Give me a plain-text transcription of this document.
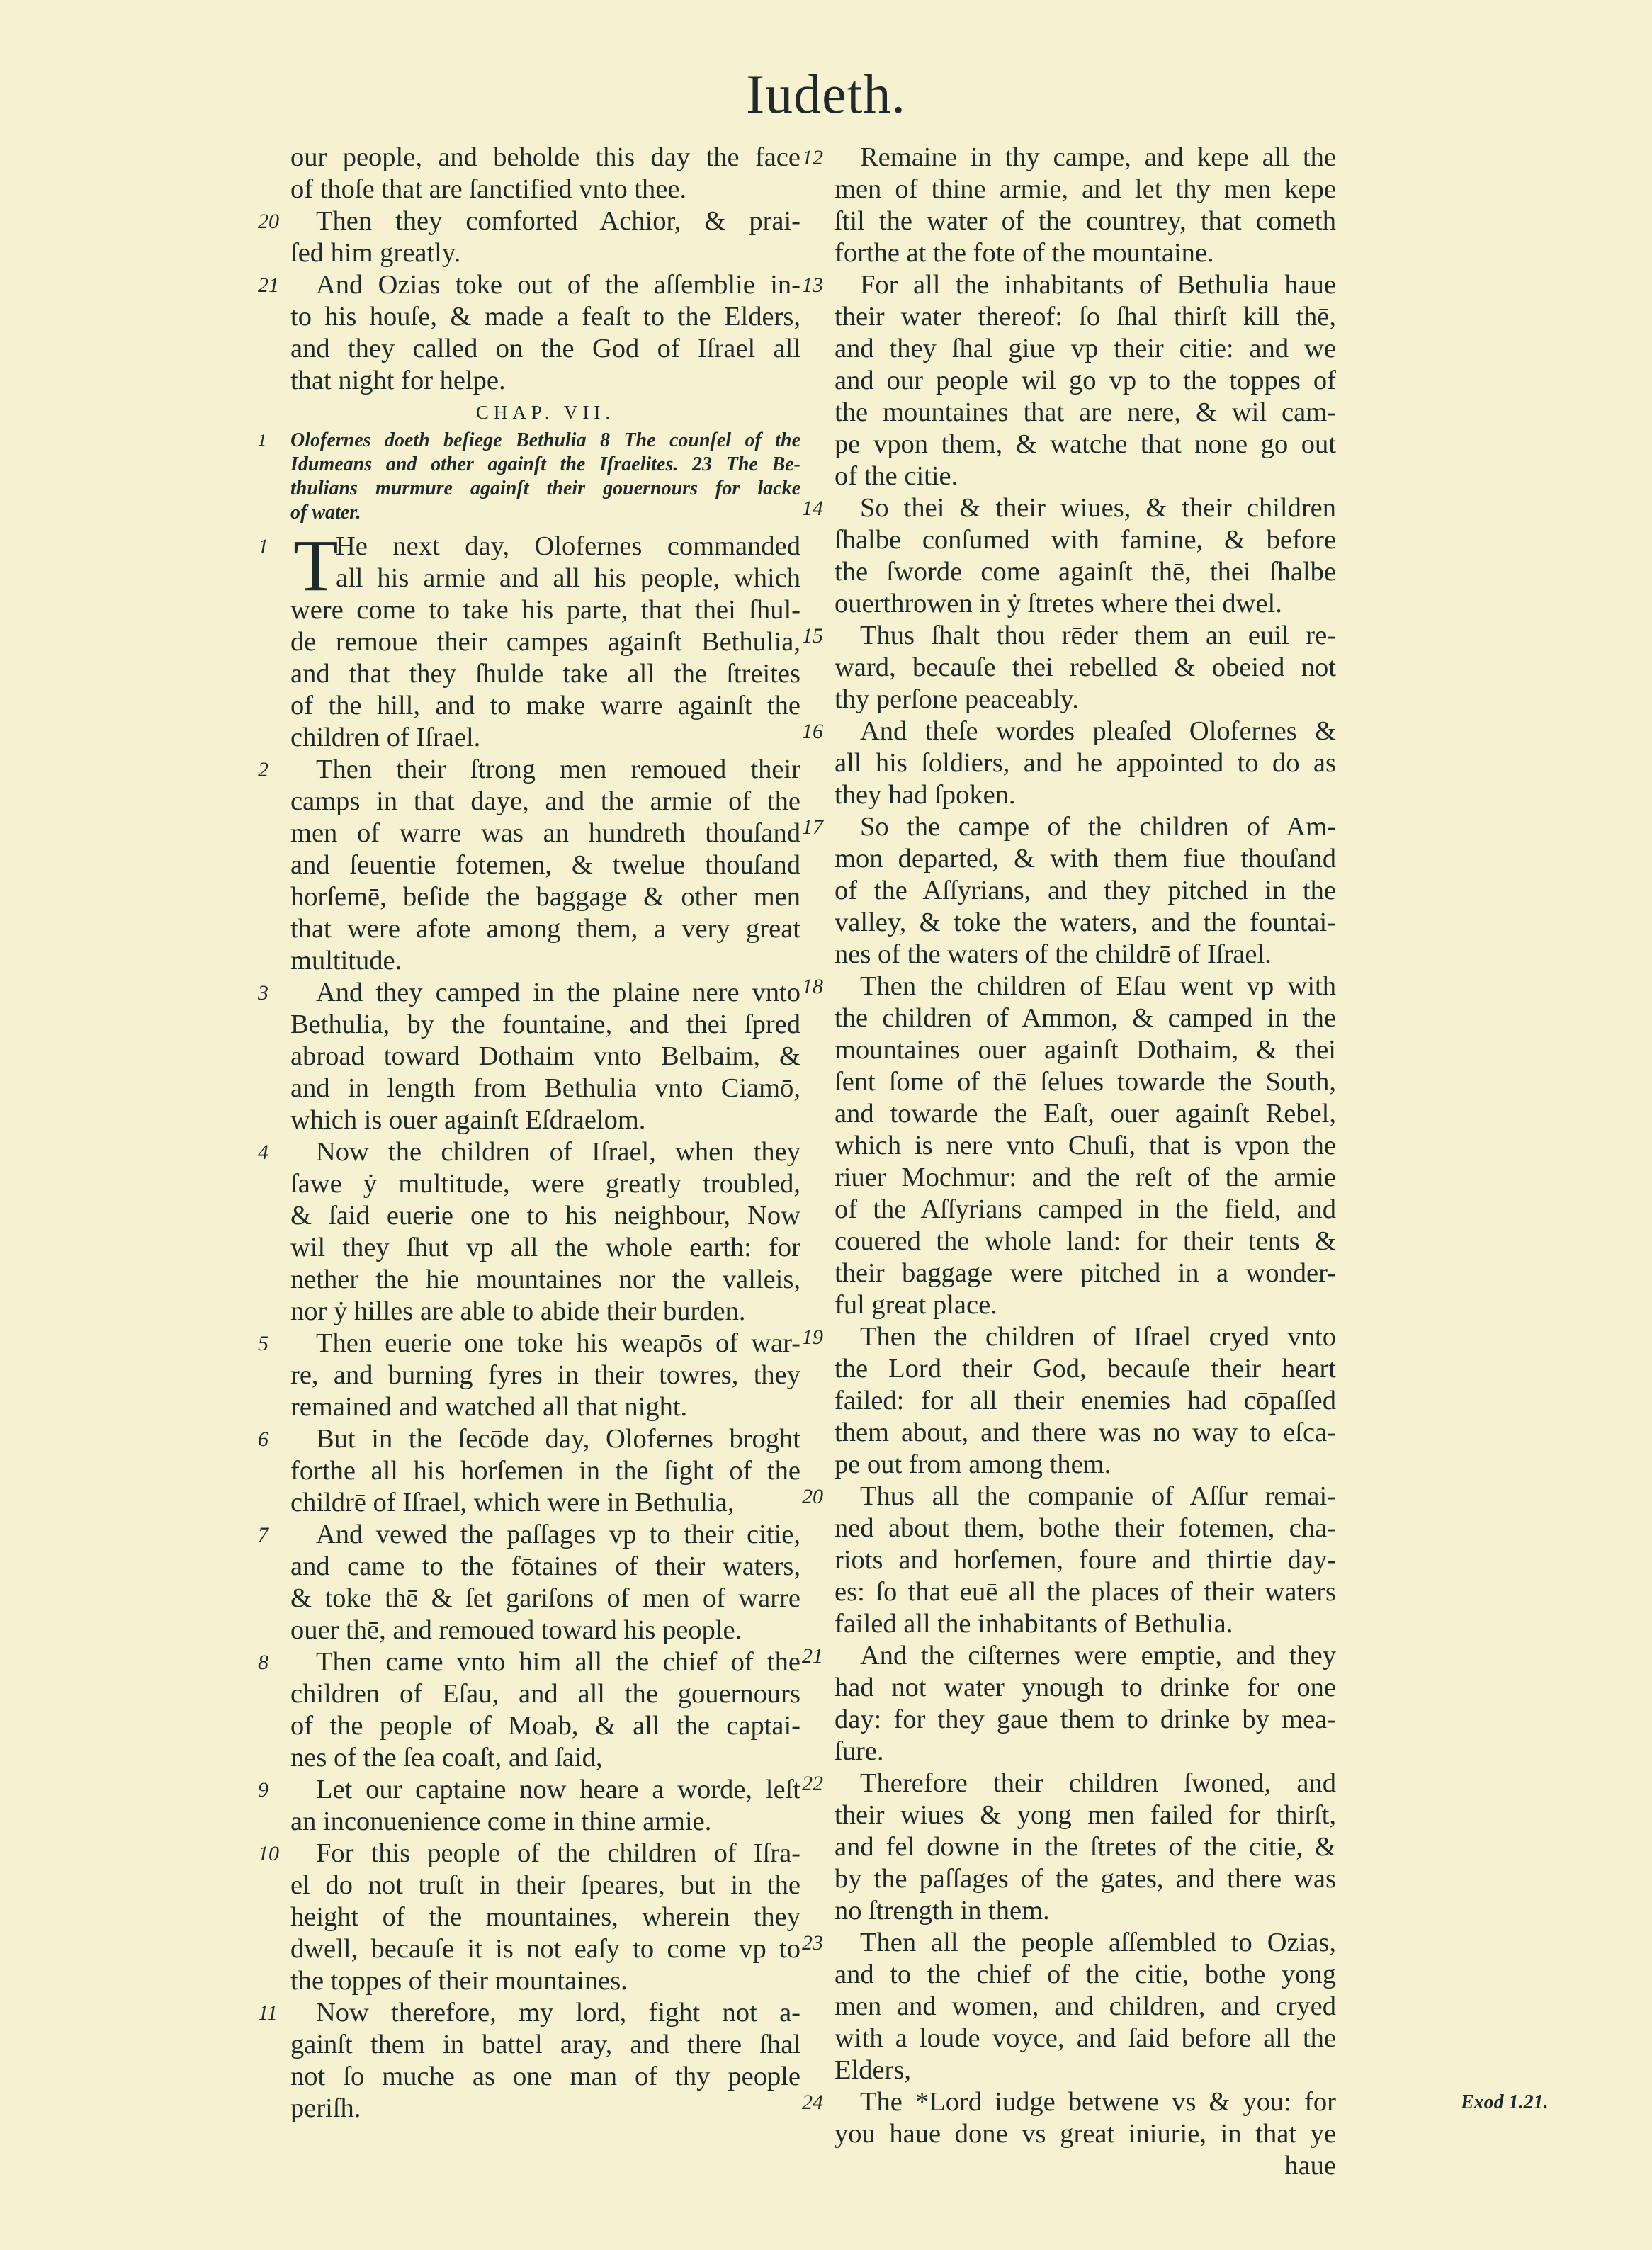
Iudeth.
our people, and beholde this day the face
of thoſe that are ſanctified vnto thee.
20	Then they comforted Achior, & prai-
ſed him greatly.
21	And Ozias toke out of the aſſemblie in-
to his houſe, & made a feaſt to the Elders,
and they called on the God of Iſrael all
that night for helpe.
CHAP. VII.
1 Olofernes doeth beſiege Bethulia 8 The counſel of the
Idumeans and other againſt the Iſraelites. 23 The Be-
thulians murmure againſt their gouernours for lacke
of water.
1 T
He next day, Olofernes commanded
all his armie and all his people, which
were come to take his parte, that thei ſhul-
de remoue their campes againſt Bethulia,
and that they ſhulde take all the ſtreites
of the hill, and to make warre againſt the
children of Iſrael.
2	Then their ſtrong men remoued their
camps in that daye, and the armie of the
men of warre was an hundreth thouſand
and ſeuentie fotemen, & twelue thouſand
horſemē, beſide the baggage & other men
that were afote among them, a very great
multitude.
3	And they camped in the plaine nere vnto
Bethulia, by the fountaine, and thei ſpred
abroad toward Dothaim vnto Belbaim, &
and in length from Bethulia vnto Ciamō,
which is ouer againſt Eſdraelom.
4	Now the children of Iſrael, when they
ſawe ẏ multitude, were greatly troubled,
& ſaid euerie one to his neighbour, Now
wil they ſhut vp all the whole earth: for
nether the hie mountaines nor the valleis,
nor ẏ hilles are able to abide their burden.
5	Then euerie one toke his weapōs of war-
re, and burning fyres in their towres, they
remained and watched all that night.
6	But in the ſecōde day, Olofernes broght
forthe all his horſemen in the ſight of the
childrē of Iſrael, which were in Bethulia,
7	And vewed the paſſages vp to their citie,
and came to the fōtaines of their waters,
& toke thē & ſet gariſons of men of warre
ouer thē, and remoued toward his people.
8	Then came vnto him all the chief of the
children of Eſau, and all the gouernours
of the people of Moab, & all the captai-
nes of the ſea coaſt, and ſaid,
9	Let our captaine now heare a worde, leſt
an inconuenience come in thine armie.
10	For this people of the children of Iſra-
el do not truſt in their ſpeares, but in the
height of the mountaines, wherein they
dwell, becauſe it is not eaſy to come vp to
the toppes of their mountaines.
11	Now therefore, my lord, fight not a-
gainſt them in battel aray, and there ſhal
not ſo muche as one man of thy people
periſh.
12	Remaine in thy campe, and kepe all the
men of thine armie, and let thy men kepe
ſtil the water of the countrey, that cometh
forthe at the fote of the mountaine.
13	For all the inhabitants of Bethulia haue
their water thereof: ſo ſhal thirſt kill thē,
and they ſhal giue vp their citie: and we
and our people wil go vp to the toppes of
the mountaines that are nere, & wil cam-
pe vpon them, & watche that none go out
of the citie.
14	So thei & their wiues, & their children
ſhalbe conſumed with famine, & before
the ſworde come againſt thē, thei ſhalbe
ouerthrowen in ẏ ſtretes where thei dwel.
15	Thus ſhalt thou rēder them an euil re-
ward, becauſe thei rebelled & obeied not
thy perſone peaceably.
16	And theſe wordes pleaſed Olofernes &
all his ſoldiers, and he appointed to do as
they had ſpoken.
17	So the campe of the children of Am-
mon departed, & with them fiue thouſand
of the Aſſyrians, and they pitched in the
valley, & toke the waters, and the fountai-
nes of the waters of the childrē of Iſrael.
18	Then the children of Eſau went vp with
the children of Ammon, & camped in the
mountaines ouer againſt Dothaim, & thei
ſent ſome of thē ſelues towarde the South,
and towarde the Eaſt, ouer againſt Rebel,
which is nere vnto Chuſi, that is vpon the
riuer Mochmur: and the reſt of the armie
of the Aſſyrians camped in the field, and
couered the whole land: for their tents &
their baggage were pitched in a wonder-
ful great place.
19	Then the children of Iſrael cryed vnto
the Lord their God, becauſe their heart
failed: for all their enemies had cōpaſſed
them about, and there was no way to eſca-
pe out from among them.
20	Thus all the companie of Aſſur remai-
ned about them, bothe their fotemen, cha-
riots and horſemen, foure and thirtie day-
es: ſo that euē all the places of their waters
failed all the inhabitants of Bethulia.
21	And the ciſternes were emptie, and they
had not water ynough to drinke for one
day: for they gaue them to drinke by mea-
ſure.
22	Therefore their children ſwoned, and
their wiues & yong men failed for thirſt,
and fel downe in the ſtretes of the citie, &
by the paſſages of the gates, and there was
no ſtrength in them.
23	Then all the people aſſembled to Ozias,
and to the chief of the citie, bothe yong
men and women, and children, and cryed
with a loude voyce, and ſaid before all the
Elders,
24	The *Lord iudge betwene vs & you: for
you haue done vs great iniurie, in that ye
haue
Exod 1.21.
